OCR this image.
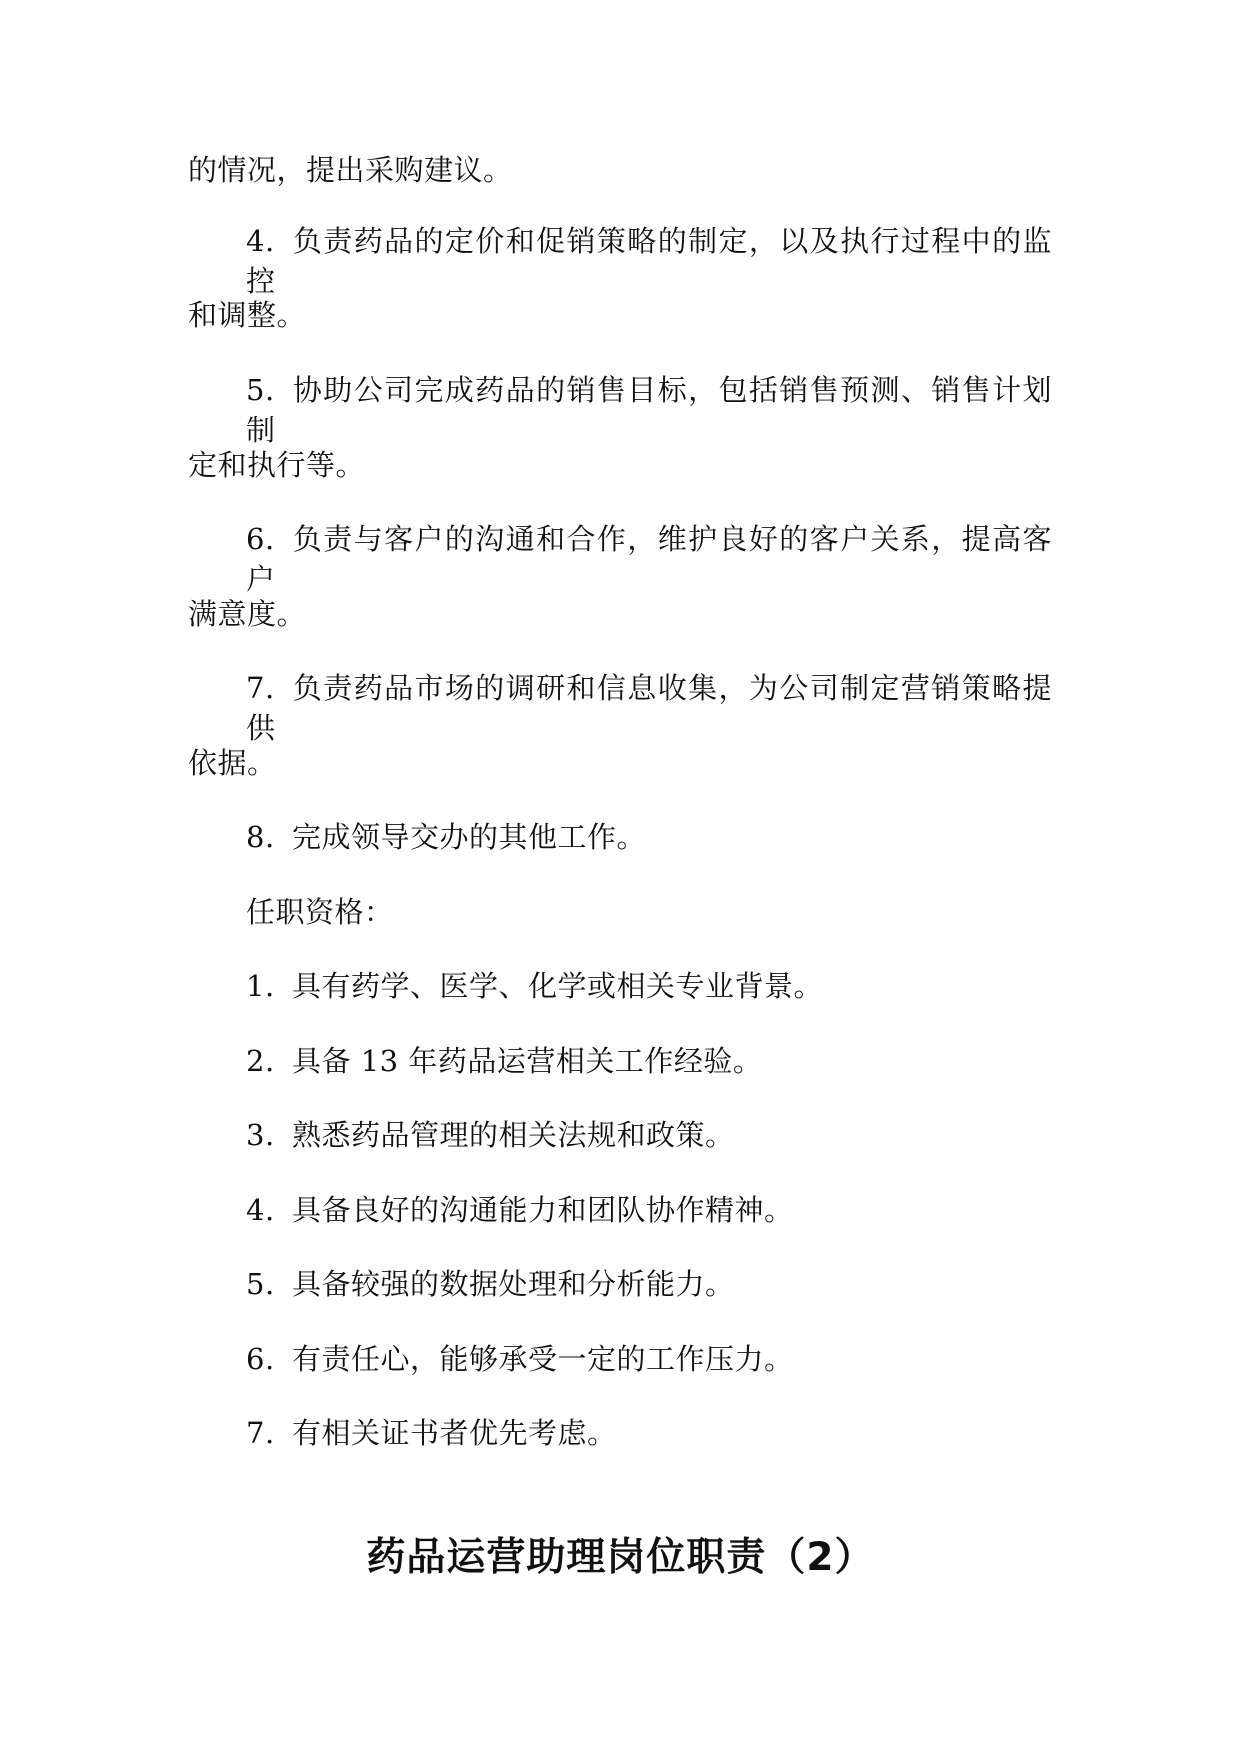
的情况，提出采购建议。
4. 负责药品的定价和促销策略的制定，以及执行过程中的监控
和调整。
5. 协助公司完成药品的销售目标，包括销售预测、销售计划制
定和执行等。
6. 负责与客户的沟通和合作，维护良好的客户关系，提高客户
满意度。
7. 负责药品市场的调研和信息收集，为公司制定营销策略提供
依据。
8. 完成领导交办的其他工作。
任职资格：
1. 具有药学、医学、化学或相关专业背景。
2. 具备 13 年药品运营相关工作经验。
3. 熟悉药品管理的相关法规和政策。
4. 具备良好的沟通能力和团队协作精神。
5. 具备较强的数据处理和分析能力。
6. 有责任心，能够承受一定的工作压力。
7. 有相关证书者优先考虑。
药品运营助理岗位职责（2）
